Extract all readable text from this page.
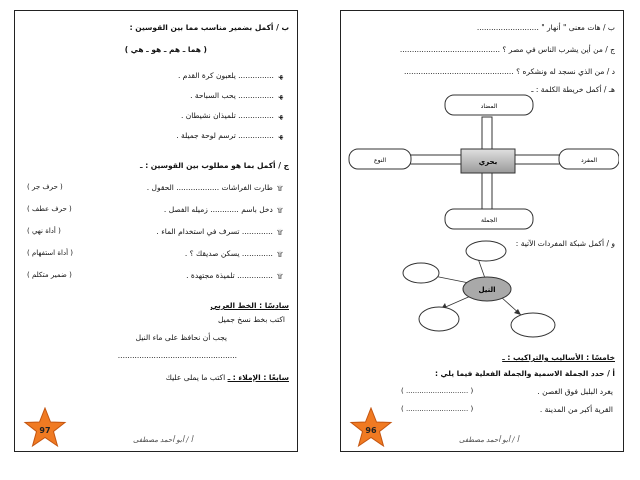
ب / أكمل بضمير مناسب مما بين القوسين :
( هما ـ هم ـ هو ـ هي )
ﮫ............... يلعبون كرة القدم .
ﮫ............... يحب السباحة .
ﮫ............... تلميذان نشيطان .
ﮫ............... ترسم لوحة جميلة .
ج / أكمل بما هو مطلوب بين القوسين : ـ
۩طارت الفراشات .................. الحقول .
( حرف جر )
۩دخل باسم ............ زميله الفصل .
( حرف عطف )
۩............. تسرف في استخدام الماء .
( أداة نهي )
۩............. يسكن صديقك ؟ .
( أداة استفهام )
۩............... تلميذة مجتهدة .
( ضمير متكلم )
سادسًا : الخط العربي
اكتب بخط نسخ جميل
يجب أن نحافظ على ماء النيل
..................................................
سابعًا : الإملاء : ـ اكتب ما يملى عليك
97
أ / أبو أحمد مصطفى
ب / هات معنى " أنهار " ..........................
ج / من أين يشرب الناس في مصر ؟ ..........................................
د / من الذي نسجد له ونشكره ؟ ..............................................
هـ / أكمل خريطة الكلمة : ـ
المضاد
الجملة
النوع	المفرد
بحري
و / أكمل شبكة المفردات الآتية :
النيل
خامسًا : الأساليب والتراكيب : ـ
أ / حدد الجملة الاسمية والجملة الفعلية فيما يلي :
يغرد البلبل فوق الغصن .
( ............................ )
القرية أكبر من المدينة .
( ............................ )
96
أ / أبو أحمد مصطفى
